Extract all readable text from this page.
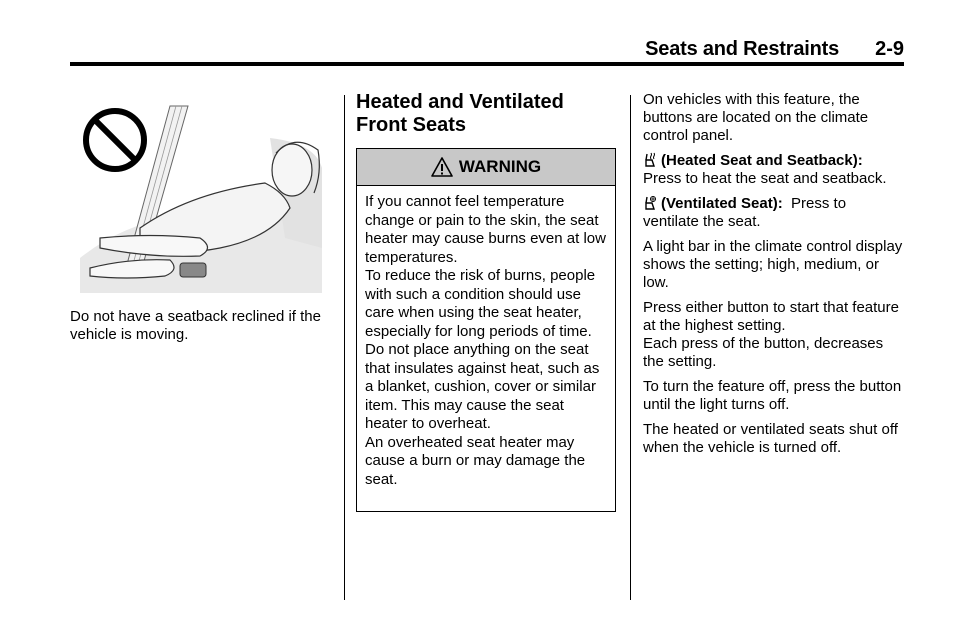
Seats and Restraints 2-9
Do not have a seatback reclined if the vehicle is moving.
Heated and Ventilated Front Seats
WARNING

If you cannot feel temperature change or pain to the skin, the seat heater may cause burns even at low temperatures.

To reduce the risk of burns, people with such a condition should use care when using the seat heater, especially for long periods of time. Do not place anything on the seat that insulates against heat, such as a blanket, cushion, cover or similar item. This may cause the seat heater to overheat.

An overheated seat heater may cause a burn or may damage the seat.

On vehicles with this feature, the buttons are located on the climate control panel.

(Heated Seat and Seatback): Press to heat the seat and seatback.

(Ventilated Seat): Press to ventilate the seat.

A light bar in the climate control display shows the setting; high, medium, or low.

Press either button to start that feature at the highest setting.

Each press of the button, decreases the setting.

To turn the feature off, press the button until the light turns off.

The heated or ventilated seats shut off when the vehicle is turned off.
